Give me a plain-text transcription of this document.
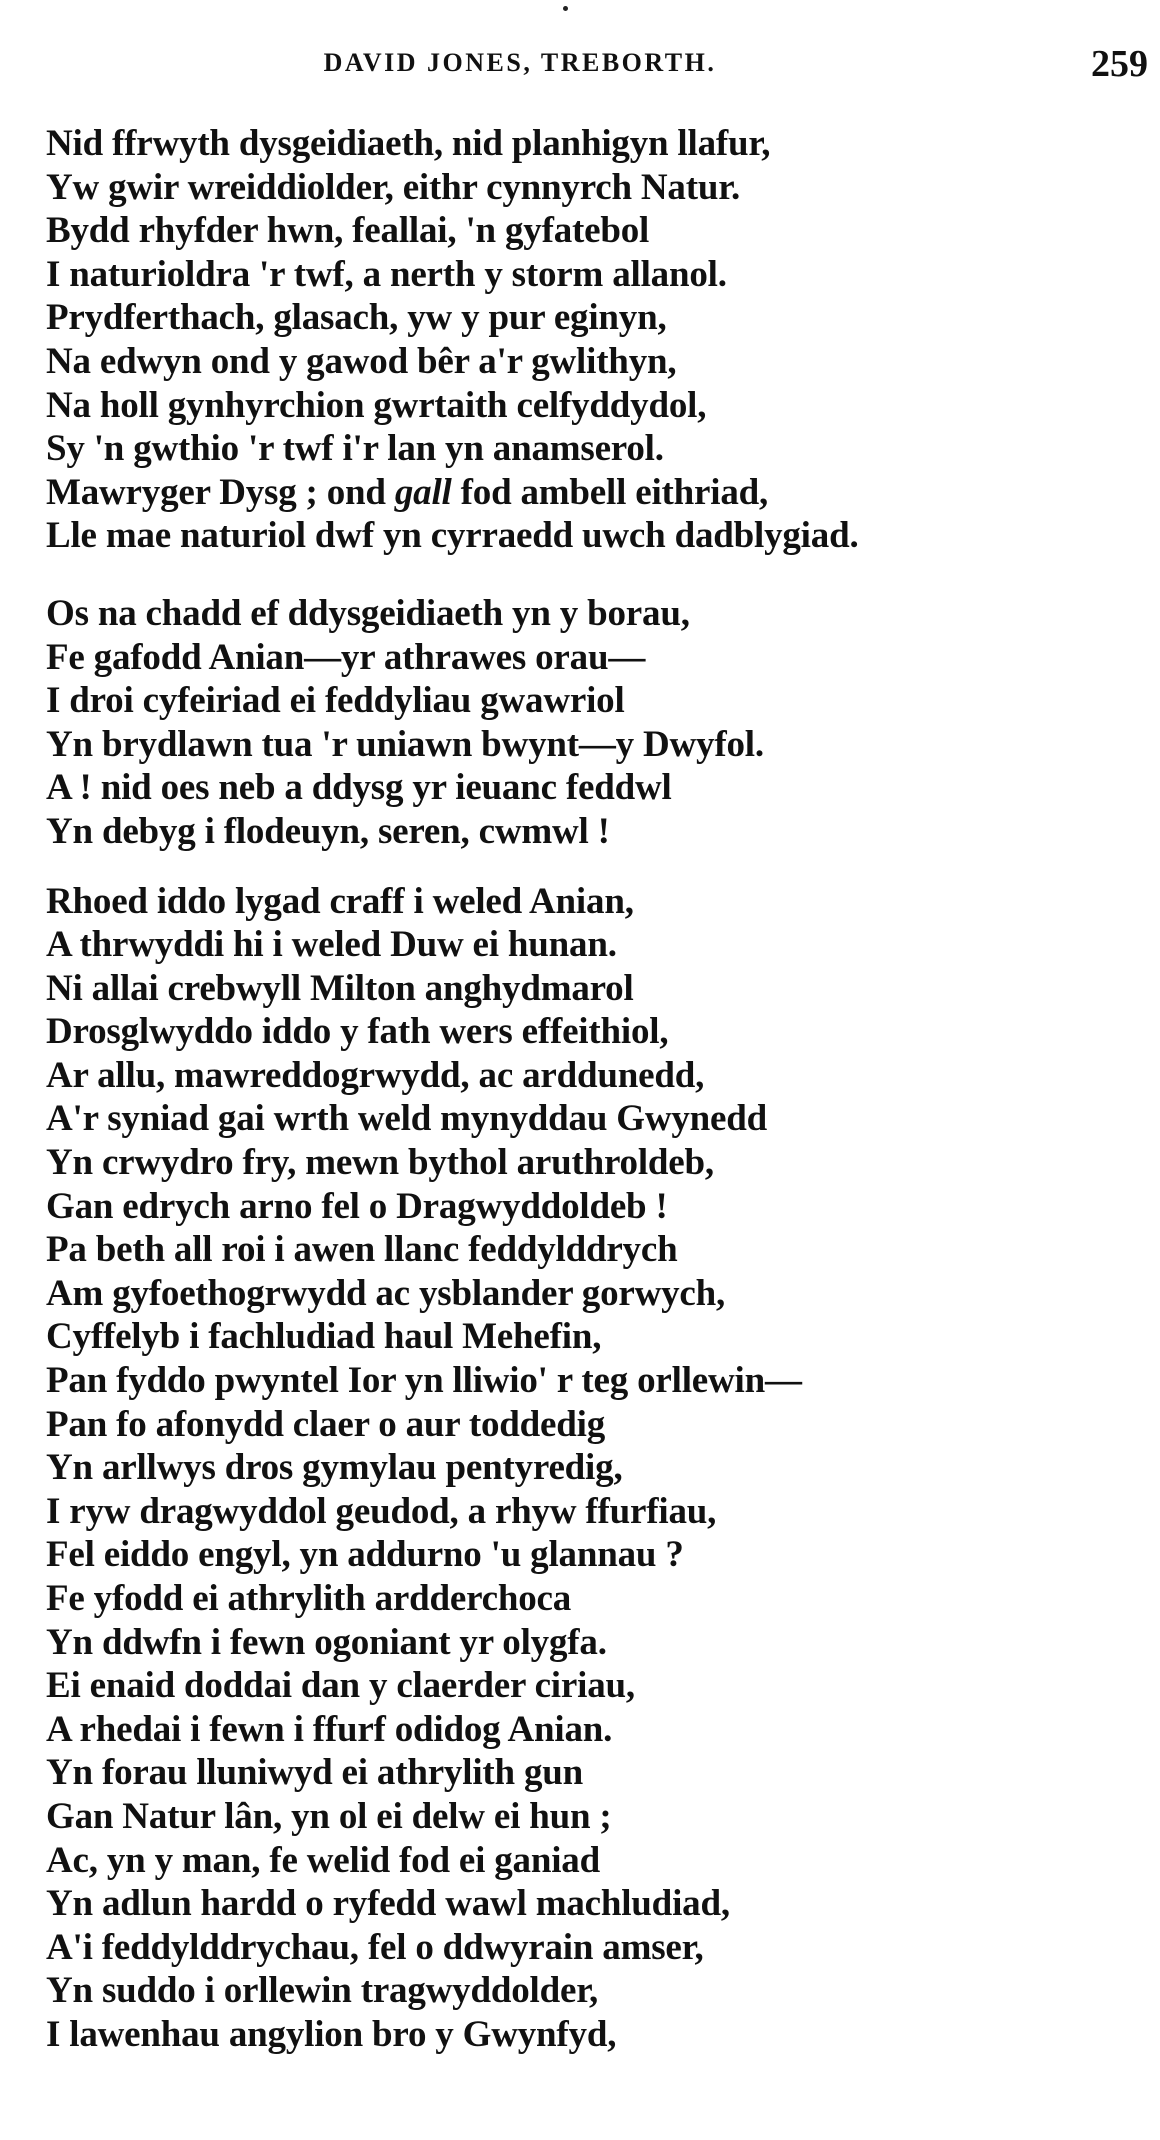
DAVID JONES, TREBORTH.	259
Nid ffrwyth dysgeidiaeth, nid planhigyn llafur,
Yw gwir wreiddiolder, eithr cynnyrch Natur.
Bydd rhyfder hwn, feallai, 'n gyfatebol
I naturioldra 'r twf, a nerth y storm allanol.
Prydferthach, glasach, yw y pur eginyn,
Na edwyn ond y gawod bêr a'r gwlithyn,
Na holl gynhyrchion gwrtaith celfyddydol,
Sy 'n gwthio 'r twf i'r lan yn anamserol.
Mawryger Dysg ; ond gall fod ambell eithriad,
Lle mae naturiol dwf yn cyrraedd uwch dadblygiad.
Os na chadd ef ddysgeidiaeth yn y borau,
Fe gafodd Anian—yr athrawes orau—
I droi cyfeiriad ei feddyliau gwawriol
Yn brydlawn tua 'r uniawn bwynt—y Dwyfol.
A ! nid oes neb a ddysg yr ieuanc feddwl
Yn debyg i flodeuyn, seren, cwmwl !
Rhoed iddo lygad craff i weled Anian,
A thrwyddi hi i weled Duw ei hunan.
Ni allai crebwyll Milton anghydmarol
Drosglwyddo iddo y fath wers effeithiol,
Ar allu, mawreddogrwydd, ac arddunedd,
A'r syniad gai wrth weld mynyddau Gwynedd
Yn crwydro fry, mewn bythol aruthroldeb,
Gan edrych arno fel o Dragwyddoldeb !
Pa beth all roi i awen llanc feddylddrych
Am gyfoethogrwydd ac ysblander gorwych,
Cyffelyb i fachludiad haul Mehefin,
Pan fyddo pwyntel Ior yn lliwio' r teg orllewin—
Pan fo afonydd claer o aur toddedig
Yn arllwys dros gymylau pentyredig,
I ryw dragwyddol geudod, a rhyw ffurfiau,
Fel eiddo engyl, yn addurno 'u glannau ?
Fe yfodd ei athrylith ardderchoca
Yn ddwfn i fewn ogoniant yr olygfa.
Ei enaid doddai dan y claerder ciriau,
A rhedai i fewn i ffurf odidog Anian.
Yn forau lluniwyd ei athrylith gun
Gan Natur lân, yn ol ei delw ei hun ;
Ac, yn y man, fe welid fod ei ganiad
Yn adlun hardd o ryfedd wawl machludiad,
A'i feddylddrychau, fel o ddwyrain amser,
Yn suddo i orllewin tragwyddolder,
I lawenhau angylion bro y Gwynfyd,
